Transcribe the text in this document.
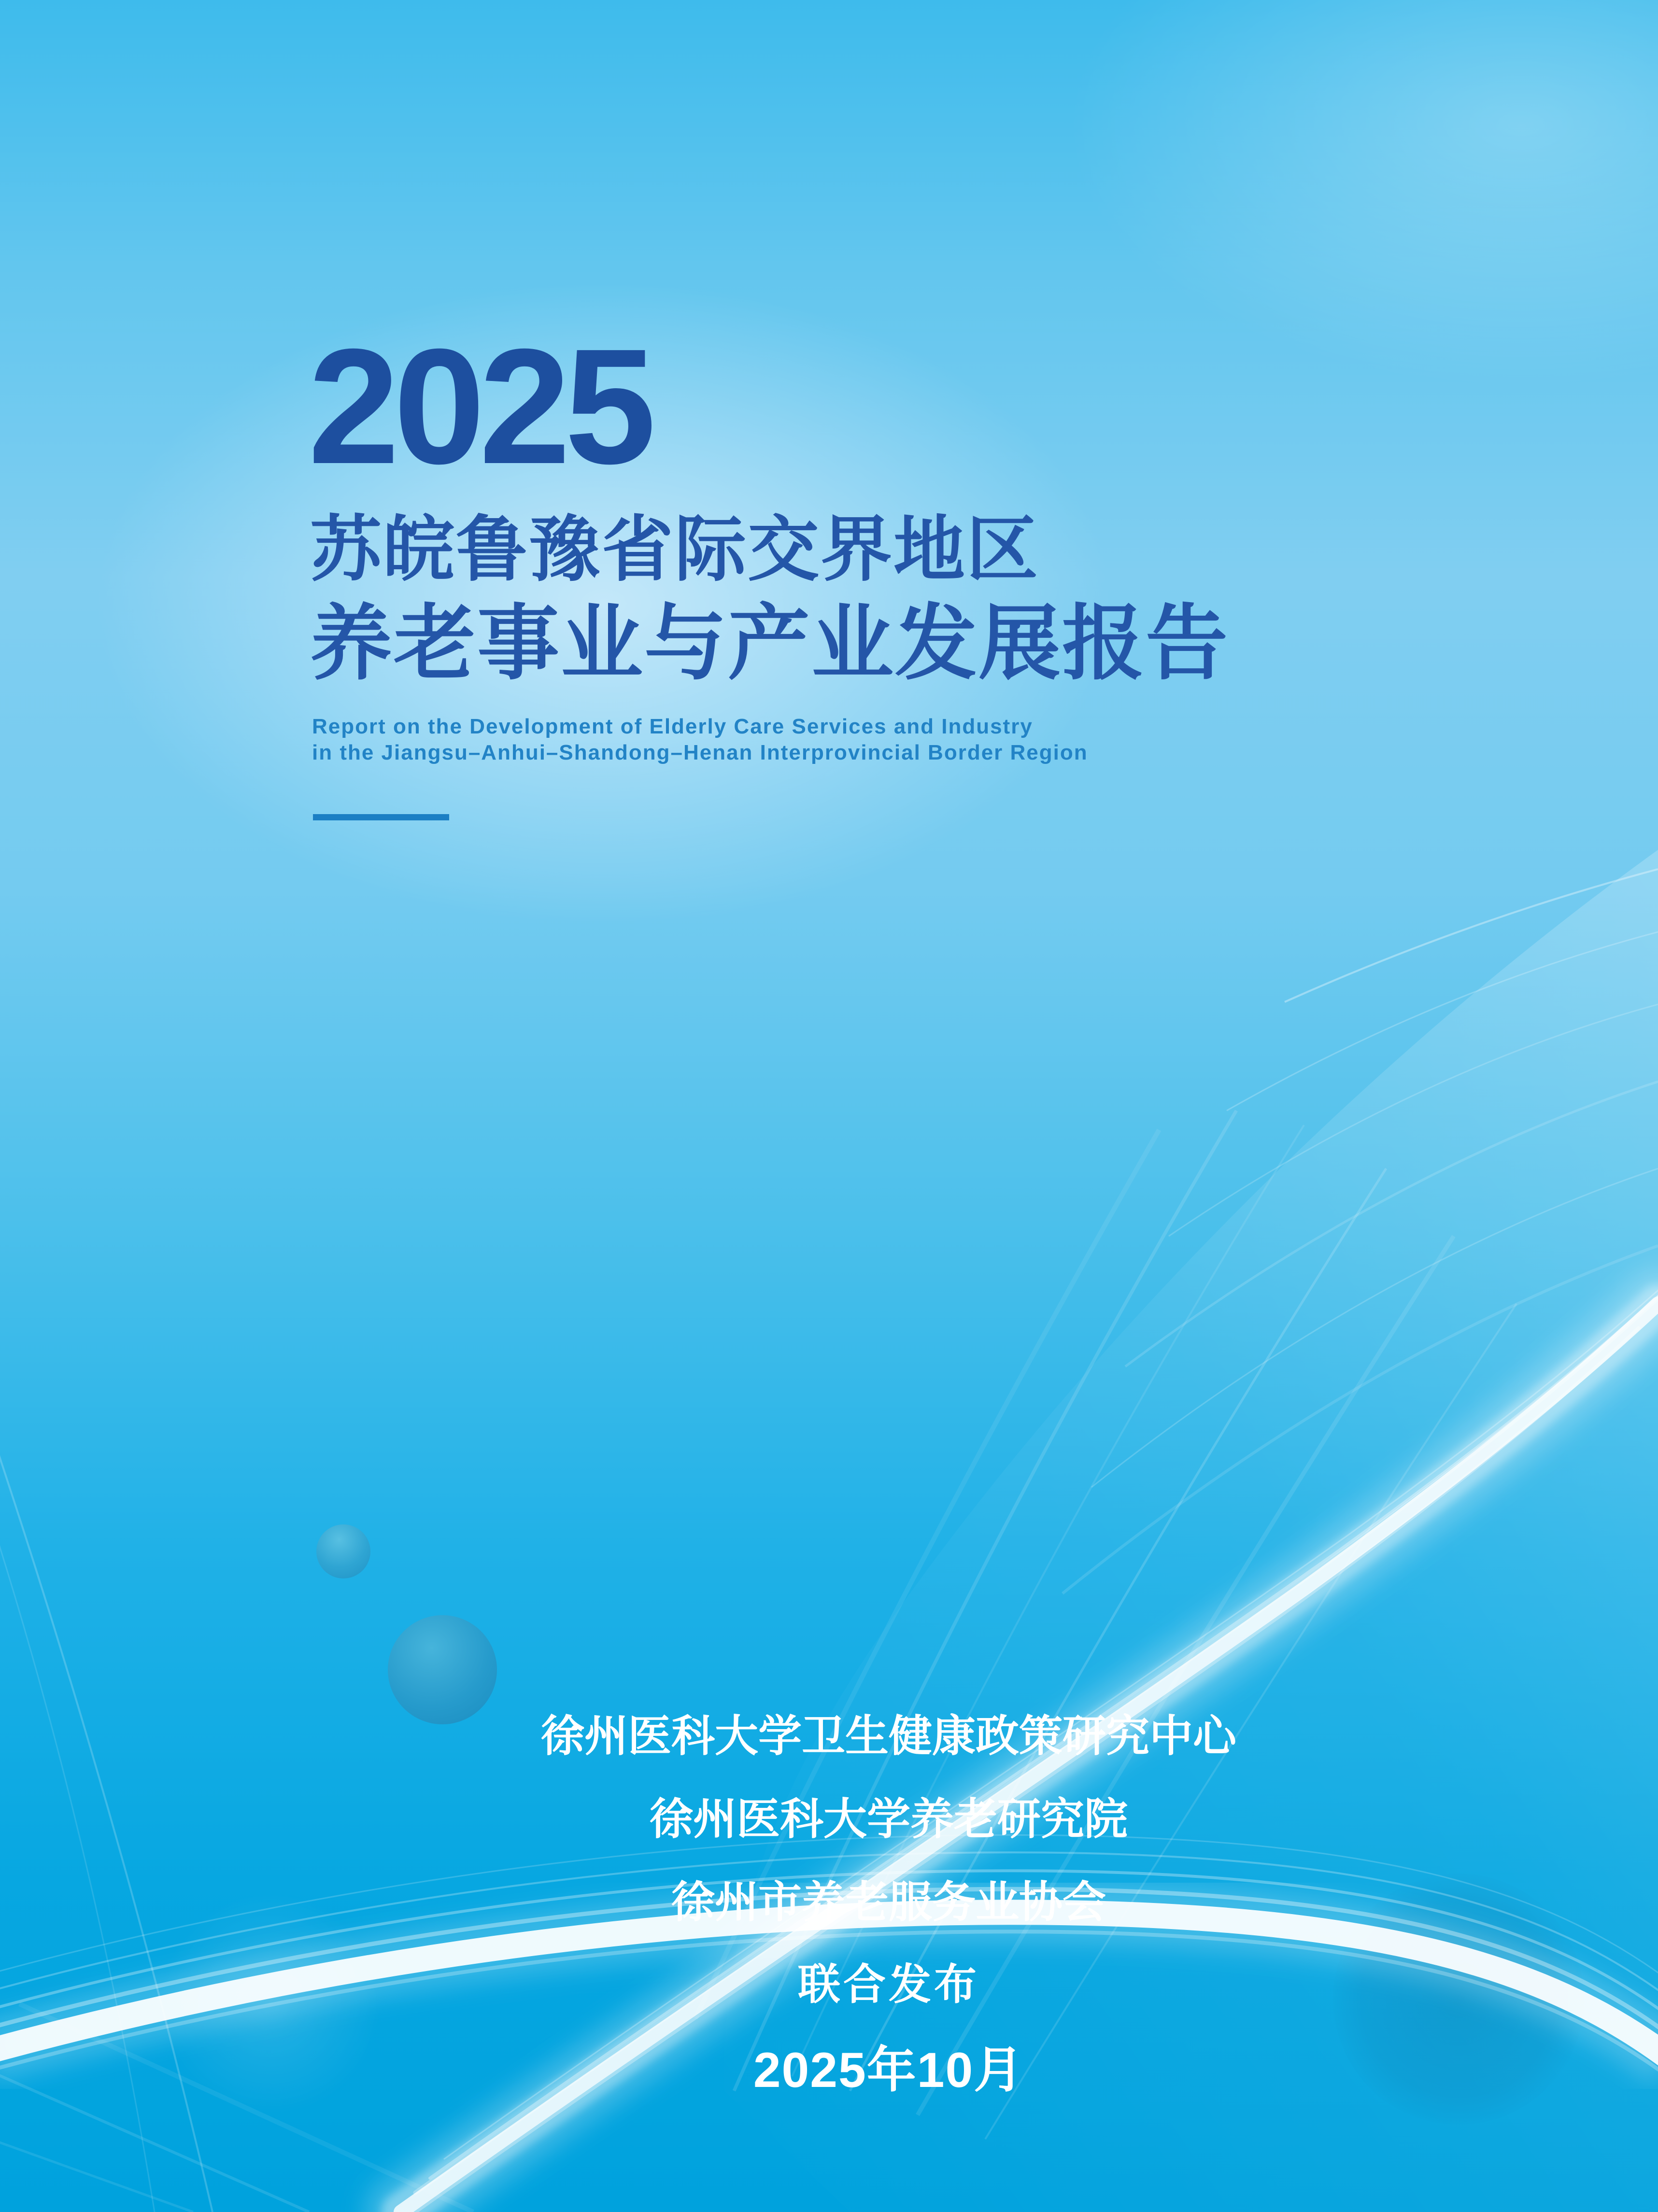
2025
苏皖鲁豫省际交界地区
养老事业与产业发展报告
Report on the Development of Elderly Care Services and Industry
in the Jiangsu–Anhui–Shandong–Henan Interprovincial Border Region
徐州医科大学卫生健康政策研究中心
徐州医科大学养老研究院
徐州市养老服务业协会
联合发布
2025年10月
